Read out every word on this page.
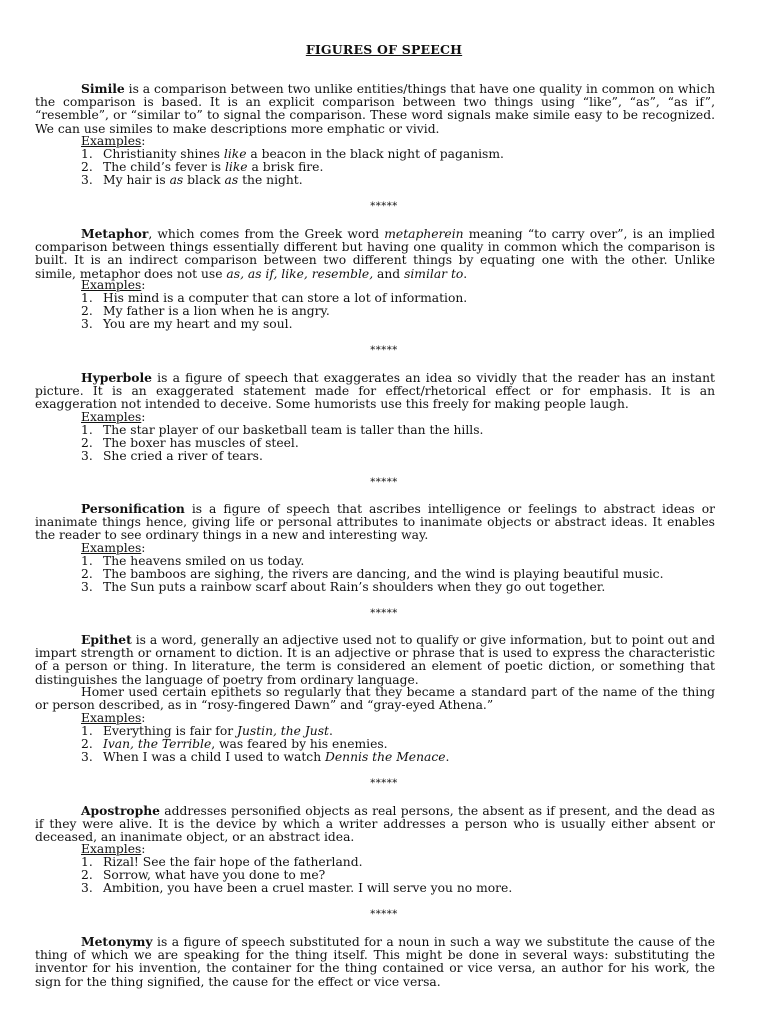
FIGURES OF SPEECH

Simile is a comparison between two unlike entities/things that have one quality in common on which the comparison is based. It is an explicit comparison between two things using “like”, “as”, “as if”, “resemble”, or “similar to” to signal the comparison. These word signals make simile easy to be recognized. We can use similes to make descriptions more emphatic or vivid.

Examples:

1. Christianity shines like a beacon in the black night of paganism.
2. The child’s fever is like a brisk fire.
3. My hair is as black as the night.
*****

Metaphor, which comes from the Greek word metapherein meaning “to carry over”, is an implied comparison between things essentially different but having one quality in common which the comparison is built. It is an indirect comparison between two different things by equating one with the other. Unlike simile, metaphor does not use as, as if, like, resemble, and similar to.

Examples:

1. His mind is a computer that can store a lot of information.
2. My father is a lion when he is angry.
3. You are my heart and my soul.
*****

Hyperbole is a figure of speech that exaggerates an idea so vividly that the reader has an instant picture. It is an exaggerated statement made for effect/rhetorical effect or for emphasis. It is an exaggeration not intended to deceive. Some humorists use this freely for making people laugh.

Examples:

1. The star player of our basketball team is taller than the hills.
2. The boxer has muscles of steel.
3. She cried a river of tears.
*****

Personification is a figure of speech that ascribes intelligence or feelings to abstract ideas or inanimate things hence, giving life or personal attributes to inanimate objects or abstract ideas. It enables the reader to see ordinary things in a new and interesting way.

Examples:

1. The heavens smiled on us today.
2. The bamboos are sighing, the rivers are dancing, and the wind is playing beautiful music.
3. The Sun puts a rainbow scarf about Rain’s shoulders when they go out together.
*****

Epithet is a word, generally an adjective used not to qualify or give information, but to point out and impart strength or ornament to diction. It is an adjective or phrase that is used to express the characteristic of a person or thing. In literature, the term is considered an element of poetic diction, or something that distinguishes the language of poetry from ordinary language.

Homer used certain epithets so regularly that they became a standard part of the name of the thing or person described, as in “rosy-fingered Dawn” and “gray-eyed Athena.”

Examples:

1. Everything is fair for Justin, the Just.
2. Ivan, the Terrible, was feared by his enemies.
3. When I was a child I used to watch Dennis the Menace.
*****

Apostrophe addresses personified objects as real persons, the absent as if present, and the dead as if they were alive. It is the device by which a writer addresses a person who is usually either absent or deceased, an inanimate object, or an abstract idea.

Examples:

1. Rizal! See the fair hope of the fatherland.
2. Sorrow, what have you done to me?
3. Ambition, you have been a cruel master. I will serve you no more.
*****

Metonymy is a figure of speech substituted for a noun in such a way we substitute the cause of the thing of which we are speaking for the thing itself. This might be done in several ways: substituting the inventor for his invention, the container for the thing contained or vice versa, an author for his work, the sign for the thing signified, the cause for the effect or vice versa.
